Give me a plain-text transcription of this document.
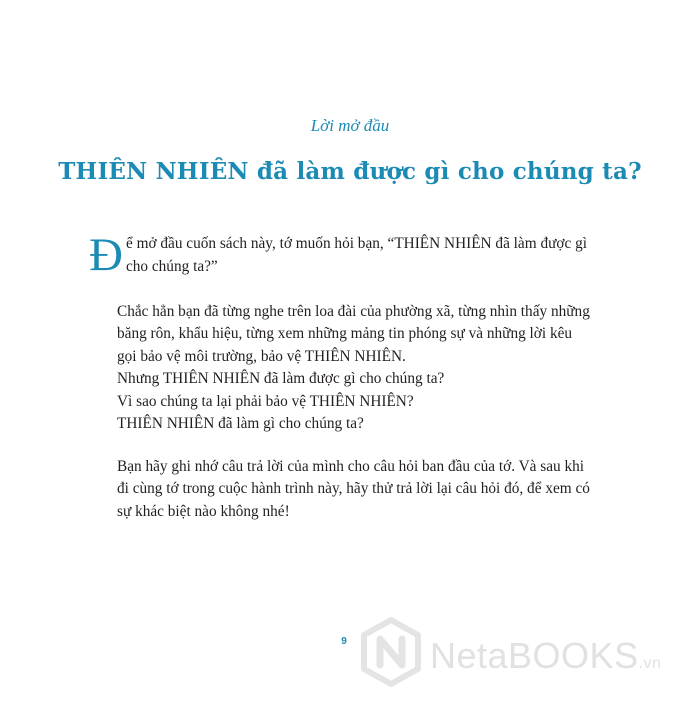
Lời mở đầu
THIÊN NHIÊN đã làm được gì cho chúng ta?

Để mở đầu cuốn sách này, tớ muốn hỏi bạn, “THIÊN NHIÊN đã làm được gì cho chúng ta?”

Chắc hẳn bạn đã từng nghe trên loa đài của phường xã, từng nhìn thấy những băng rôn, khẩu hiệu, từng xem những mảng tin phóng sự và những lời kêu gọi bảo vệ môi trường, bảo vệ THIÊN NHIÊN.

Nhưng THIÊN NHIÊN đã làm được gì cho chúng ta?

Vì sao chúng ta lại phải bảo vệ THIÊN NHIÊN?

THIÊN NHIÊN đã làm gì cho chúng ta?

Bạn hãy ghi nhớ câu trả lời của mình cho câu hỏi ban đầu của tớ. Và sau khi đi cùng tớ trong cuộc hành trình này, hãy thử trả lời lại câu hỏi đó, để xem có sự khác biệt nào không nhé!

9	NetaBOOKS.vn
